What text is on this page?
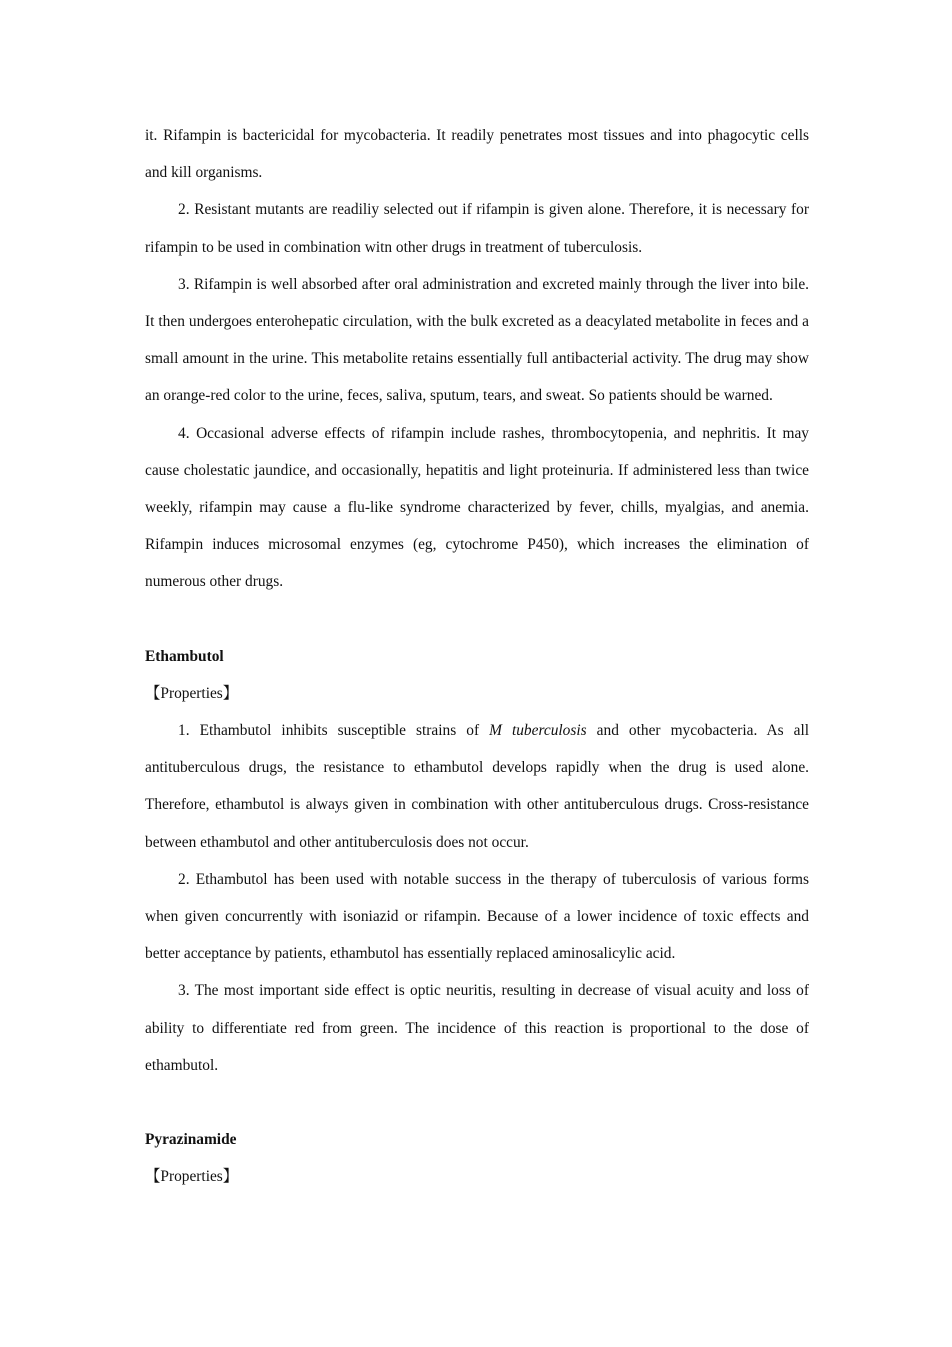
it. Rifampin is bactericidal for mycobacteria. It readily penetrates most tissues and into phagocytic cells and kill organisms.

2. Resistant mutants are readiliy selected out if rifampin is given alone. Therefore, it is necessary for rifampin to be used in combination witn other drugs in treatment of tuberculosis.

3. Rifampin is well absorbed after oral administration and excreted mainly through the liver into bile. It then undergoes enterohepatic circulation, with the bulk excreted as a deacylated metabolite in feces and a small amount in the urine. This metabolite retains essentially full antibacterial activity. The drug may show an orange-red color to the urine, feces, saliva, sputum, tears, and sweat. So patients should be warned.

4. Occasional adverse effects of rifampin include rashes, thrombocytopenia, and nephritis. It may cause cholestatic jaundice, and occasionally, hepatitis and light proteinuria. If administered less than twice weekly, rifampin may cause a flu-like syndrome characterized by fever, chills, myalgias, and anemia. Rifampin induces microsomal enzymes (eg, cytochrome P450), which increases the elimination of numerous other drugs.

Ethambutol

【Properties】

1. Ethambutol inhibits susceptible strains of M tuberculosis and other mycobacteria. As all antituberculous drugs, the resistance to ethambutol develops rapidly when the drug is used alone. Therefore, ethambutol is always given in combination with other antituberculous drugs. Cross-resistance between ethambutol and other antituberculosis does not occur.

2. Ethambutol has been used with notable success in the therapy of tuberculosis of various forms when given concurrently with isoniazid or rifampin. Because of a lower incidence of toxic effects and better acceptance by patients, ethambutol has essentially replaced aminosalicylic acid.

3. The most important side effect is optic neuritis, resulting in decrease of visual acuity and loss of ability to differentiate red from green. The incidence of this reaction is proportional to the dose of ethambutol.

Pyrazinamide

【Properties】
